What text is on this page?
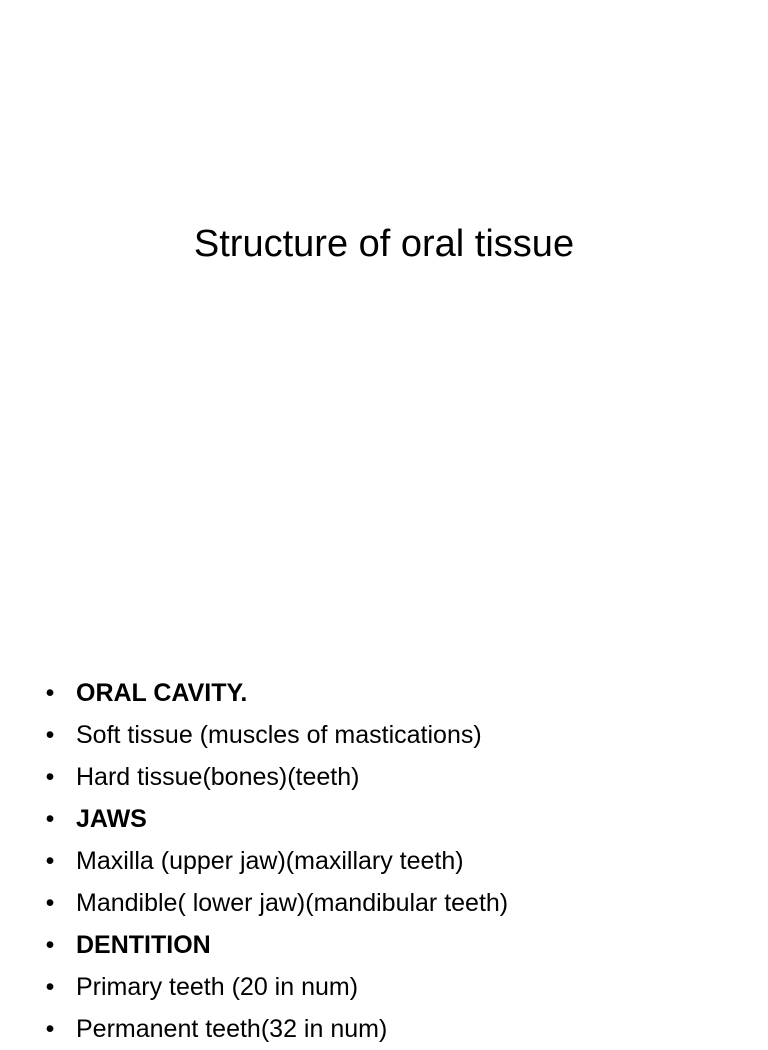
Structure of oral tissue
• ORAL CAVITY.
• Soft tissue (muscles of mastications)
• Hard tissue(bones)(teeth)
• JAWS
• Maxilla (upper jaw)(maxillary teeth)
• Mandible( lower jaw)(mandibular teeth)
• DENTITION
• Primary teeth (20 in num)
• Permanent teeth(32 in num)
